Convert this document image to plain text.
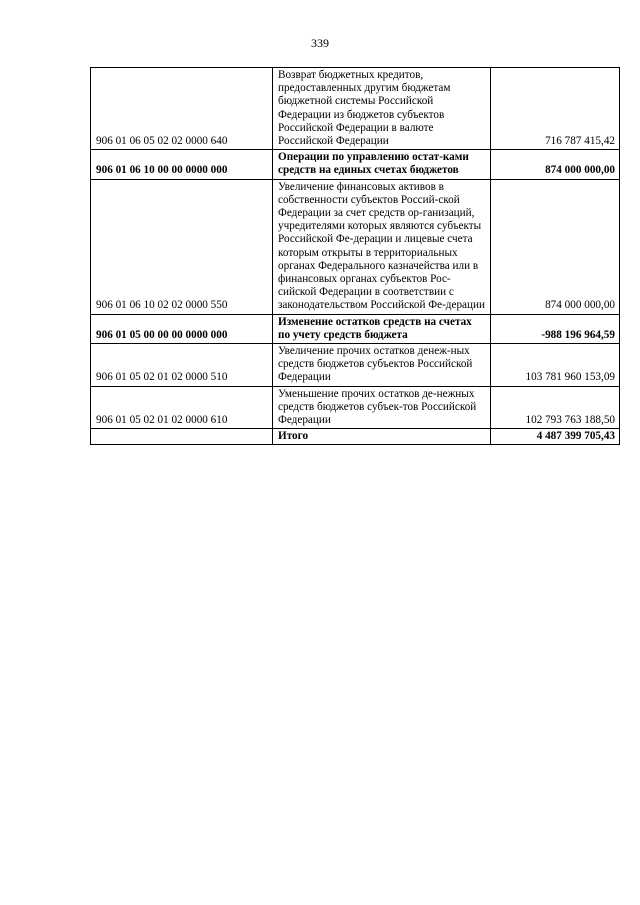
339
906 01 06 05 02 02 0000 640	Возврат бюджетных кредитов, предоставленных другим бюджетам бюджетной системы Российской Федерации из бюджетов субъектов Российской Федерации в валюте Российской Федерации	716 787 415,42
906 01 06 10 00 00 0000 000	Операции по управлению остат-ками средств на единых счетах бюджетов	874 000 000,00
906 01 06 10 02 02 0000 550	Увеличение финансовых активов в собственности субъектов Россий-ской Федерации за счет средств ор-ганизаций, учредителями которых являются субъекты Российской Фе-дерации и лицевые счета которым открыты в территориальных органах Федерального казначейства или в финансовых органах субъектов Рос-сийской Федерации в соответствии с законодательством Российской Фе-дерации	874 000 000,00
906 01 05 00 00 00 0000 000	Изменение остатков средств на счетах по учету средств бюджета	-988 196 964,59
906 01 05 02 01 02 0000 510	Увеличение прочих остатков денеж-ных средств бюджетов субъектов Российской Федерации	103 781 960 153,09
906 01 05 02 01 02 0000 610	Уменьшение прочих остатков де-нежных средств бюджетов субъек-тов Российской Федерации	102 793 763 188,50
	Итого	4 487 399 705,43
